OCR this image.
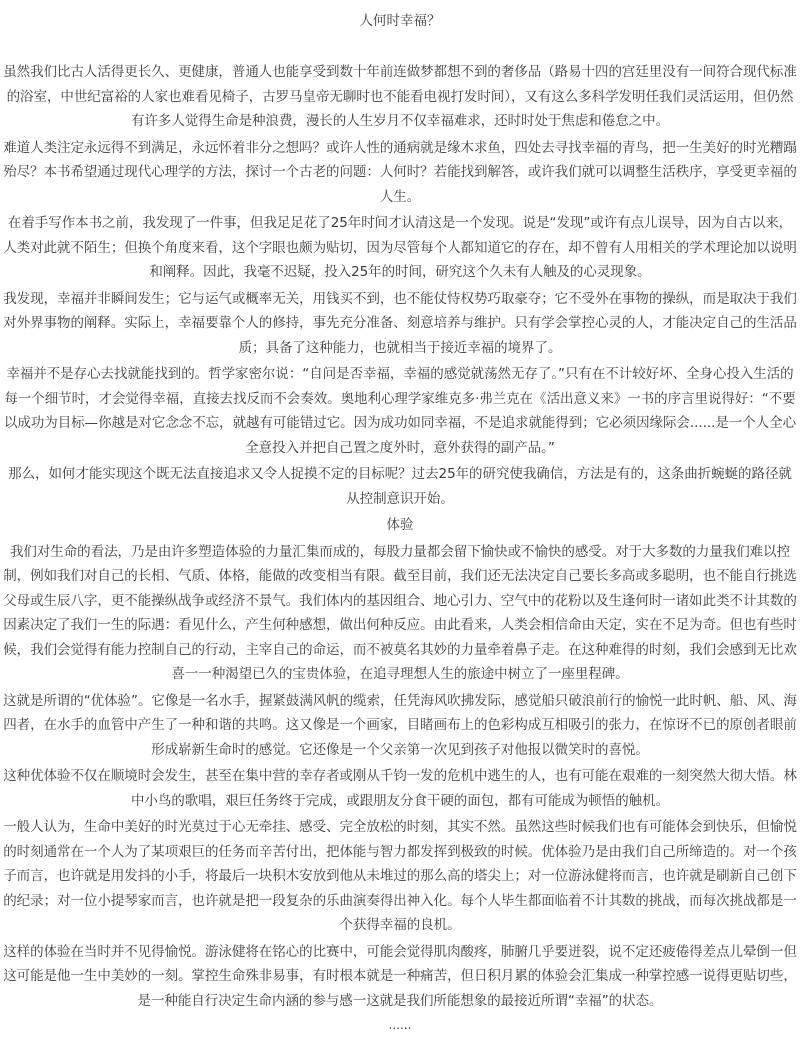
人何时幸福？

虽然我们比古人活得更长久、更健康，普通人也能享受到数十年前连做梦都想不到的奢侈品（路易十四的宫廷里没有一间符合现代标准的浴室，中世纪富裕的人家也难看见椅子，古罗马皇帝无聊时也不能看电视打发时间），又有这么多科学发明任我们灵活运用，但仍然有许多人觉得生命是种浪费，漫长的人生岁月不仅幸福难求，还时时处于焦虑和倦怠之中。

难道人类注定永远得不到满足，永远怀着非分之想吗？或许人性的通病就是缘木求鱼，四处去寻找幸福的青鸟，把一生美好的时光糟蹋殆尽？本书希望通过现代心理学的方法，探讨一个古老的问题：人何时？若能找到解答，或许我们就可以调整生活秩序，享受更幸福的人生。

在着手写作本书之前，我发现了一件事，但我足足花了25年时间才认清这是一个发现。说是“发现”或许有点儿误导，因为自古以来，人类对此就不陌生；但换个角度来看，这个字眼也颇为贴切，因为尽管每个人都知道它的存在，却不曾有人用相关的学术理论加以说明和阐释。因此，我毫不迟疑，投入25年的时间，研究这个久未有人触及的心灵现象。

我发现，幸福并非瞬间发生；它与运气或概率无关，用钱买不到，也不能仗恃权势巧取豪夺；它不受外在事物的操纵，而是取决于我们对外界事物的阐释。实际上，幸福要靠个人的修持，事先充分准备、刻意培养与维护。只有学会掌控心灵的人，才能决定自己的生活品质；具备了这种能力，也就相当于接近幸福的境界了。

幸福并不是存心去找就能找到的。哲学家密尔说：“自问是否幸福，幸福的感觉就荡然无存了。”只有在不计较好坏、全身心投入生活的每一个细节时，才会觉得幸福，直接去找反而不会奏效。奥地利心理学家维克多·弗兰克在《活出意义来》一书的序言里说得好：“不要以成功为目标—你越是对它念念不忘，就越有可能错过它。因为成功如同幸福，不是追求就能得到；它必须因缘际会......是一个人全心全意投入并把自己置之度外时，意外获得的副产品。”

那么，如何才能实现这个既无法直接追求又令人捉摸不定的目标呢？过去25年的研究使我确信，方法是有的，这条曲折蜿蜒的路径就从控制意识开始。

体验

我们对生命的看法，乃是由许多塑造体验的力量汇集而成的，每股力量都会留下愉快或不愉快的感受。对于大多数的力量我们难以控制，例如我们对自己的长相、气质、体格，能做的改变相当有限。截至目前，我们还无法决定自己要长多高或多聪明，也不能自行挑选父母或生辰八字，更不能操纵战争或经济不景气。我们体内的基因组合、地心引力、空气中的花粉以及生逢何时一诸如此类不计其数的因素决定了我们一生的际遇：看见什么，产生何种感想，做出何种反应。由此看来，人类会相信命由天定，实在不足为奇。但也有些时候，我们会觉得有能力控制自己的行动，主宰自己的命运，而不被莫名其妙的力量牵着鼻子走。在这种难得的时刻，我们会感到无比欢喜一一种渴望已久的宝贵体验，在追寻理想人生的旅途中树立了一座里程碑。

这就是所谓的“优体验”。它像是一名水手，握紧鼓满风帆的缆索，任凭海风吹拂发际，感觉船只破浪前行的愉悦一此时帆、船、风、海四者，在水手的血管中产生了一种和谐的共鸣。这又像是一个画家，目睹画布上的色彩构成互相吸引的张力，在惊讶不已的原创者眼前形成崭新生命时的感觉。它还像是一个父亲第一次见到孩子对他报以微笑时的喜悦。

这种优体验不仅在顺境时会发生，甚至在集中营的幸存者或刚从千钧一发的危机中逃生的人，也有可能在艰难的一刻突然大彻大悟。林中小鸟的歌唱，艰巨任务终于完成，或跟朋友分食干硬的面包，都有可能成为顿悟的触机。

一般人认为，生命中美好的时光莫过于心无牵挂、感受、完全放松的时刻，其实不然。虽然这些时候我们也有可能体会到快乐，但愉悦的时刻通常在一个人为了某项艰巨的任务而辛苦付出，把体能与智力都发挥到极致的时候。优体验乃是由我们自己所缔造的。对一个孩子而言，也许就是用发抖的小手，将最后一块积木安放到他从未堆过的那么高的塔尖上；对一位游泳健将而言，也许就是刷新自己创下的纪录；对一位小提琴家而言，也许就是把一段复杂的乐曲演奏得出神入化。每个人毕生都面临着不计其数的挑战，而每次挑战都是一个获得幸福的良机。

这样的体验在当时并不见得愉悦。游泳健将在铭心的比赛中，可能会觉得肌肉酸疼，肺腑几乎要迸裂，说不定还疲倦得差点儿晕倒一但这可能是他一生中美妙的一刻。掌控生命殊非易事，有时根本就是一种痛苦，但日积月累的体验会汇集成一种掌控感一说得更贴切些，是一种能自行决定生命内涵的参与感一这就是我们所能想象的最接近所谓“幸福”的状态。

......
